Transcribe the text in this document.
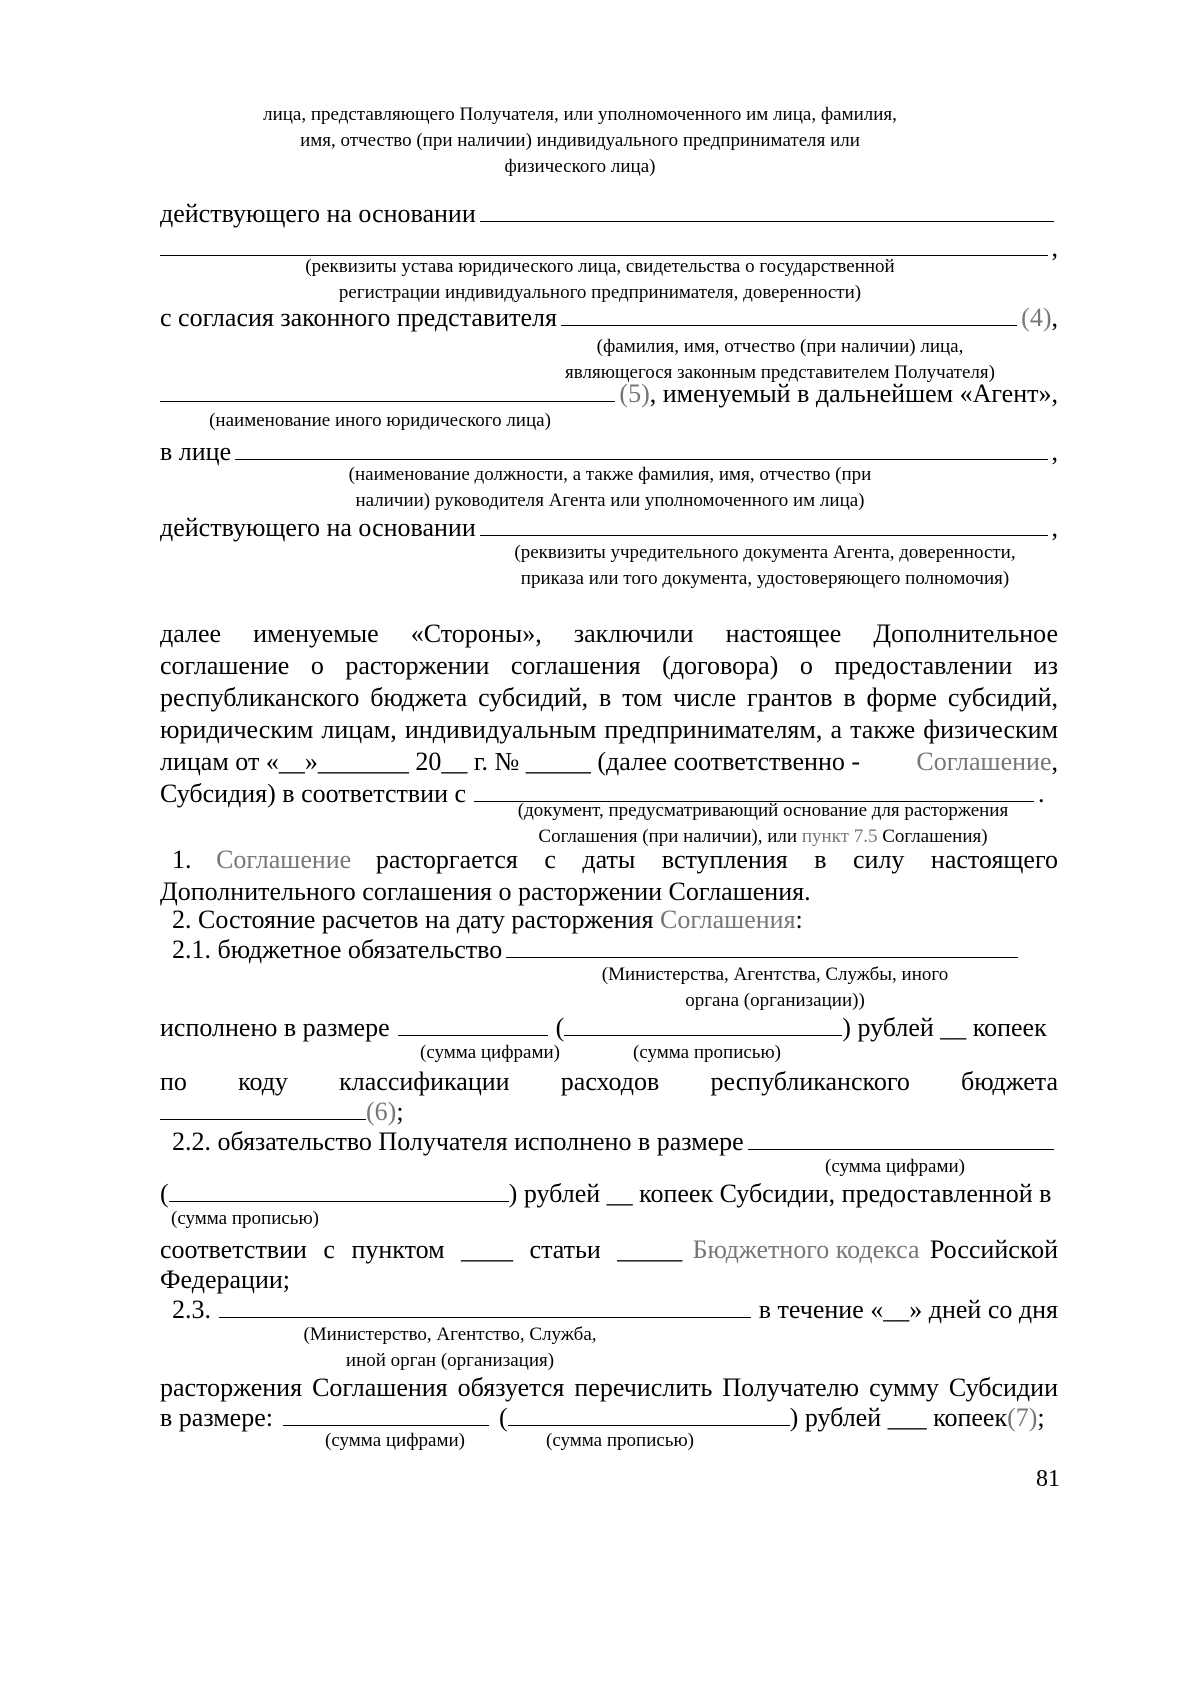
лица, представляющего Получателя, или уполномоченного им лица, фамилия,
имя, отчество (при наличии) индивидуального предпринимателя или
физического лица)
действующего на основании
,
(реквизиты устава юридического лица, свидетельства о государственной
регистрации индивидуального предпринимателя, доверенности)
с согласия законного представителя	(4) ,
(фамилия, имя, отчество (при наличии) лица,
являющегося законным представителем Получателя)
(5) , именуемый в дальнейшем «Агент»,
(наименование иного юридического лица)
в лице	,
(наименование должности, а также фамилия, имя, отчество (при
наличии) руководителя Агента или уполномоченного им лица)
действующего на основании	,
(реквизиты учредительного документа Агента, доверенности,
приказа или того документа, удостоверяющего полномочия)
далее именуемые «Стороны», заключили настоящее Дополнительное
соглашение о расторжении соглашения (договора) о предоставлении из
республиканского бюджета субсидий, в том числе грантов в форме субсидий,
юридическим лицам, индивидуальным предпринимателям, а также физическим
лицам от «__»_______ 20__ г. № _____ (далее соответственно - Соглашение,
Субсидия) в соответствии с	.
(документ, предусматривающий основание для расторжения
Соглашения (при наличии), или пункт 7.5 Соглашения)
1. Соглашение расторгается с даты вступления в силу настоящего
Дополнительного соглашения о расторжении Соглашения.
2. Состояние расчетов на дату расторжения Соглашения:
2.1. бюджетное обязательство
(Министерства, Агентства, Службы, иного
органа (организации))
исполнено в размере	(	) рублей __ копеек
(сумма цифрами)	(сумма прописью)
по коду классификации расходов республиканского бюджета
(6) ;
2.2. обязательство Получателя исполнено в размере
(сумма цифрами)
(	) рублей __ копеек Субсидии, предоставленной в
(сумма прописью)
соответствии с пунктом ____ статьи _____ Бюджетного кодекса Российской
Федерации;
2.3.	в течение «__» дней со дня
(Министерство, Агентство, Служба,
иной орган (организация)
расторжения Соглашения обязуется перечислить Получателю сумму Субсидии
в размере:	(	) рублей ___ копеек (7) ;
(сумма цифрами)	(сумма прописью)
81
